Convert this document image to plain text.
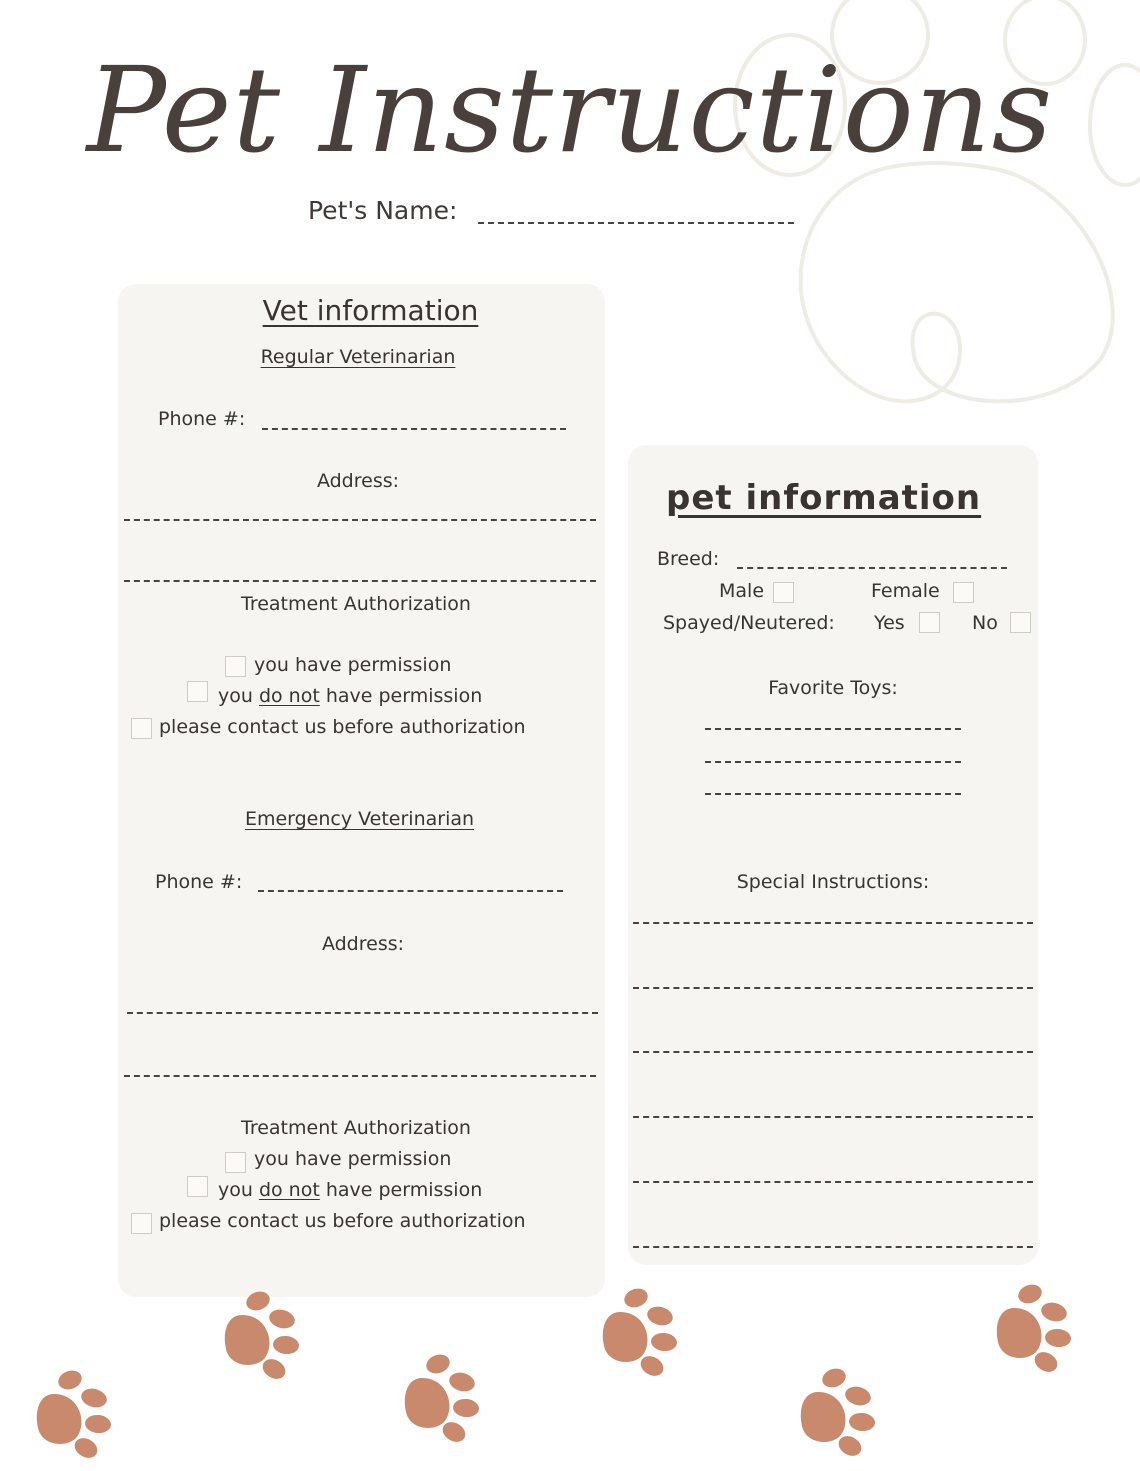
Pet Instructions
Pet's Name:
Vet information
Regular Veterinarian
Phone #:
Address:
Treatment Authorization
you have permission
you do not have permission
please contact us before authorization
Emergency Veterinarian
Phone #:
Address:
Treatment Authorization
you have permission
you do not have permission
please contact us before authorization
pet information
Breed:
Male	Female
Spayed/Neutered: Yes	No
Favorite Toys:
Special Instructions:
